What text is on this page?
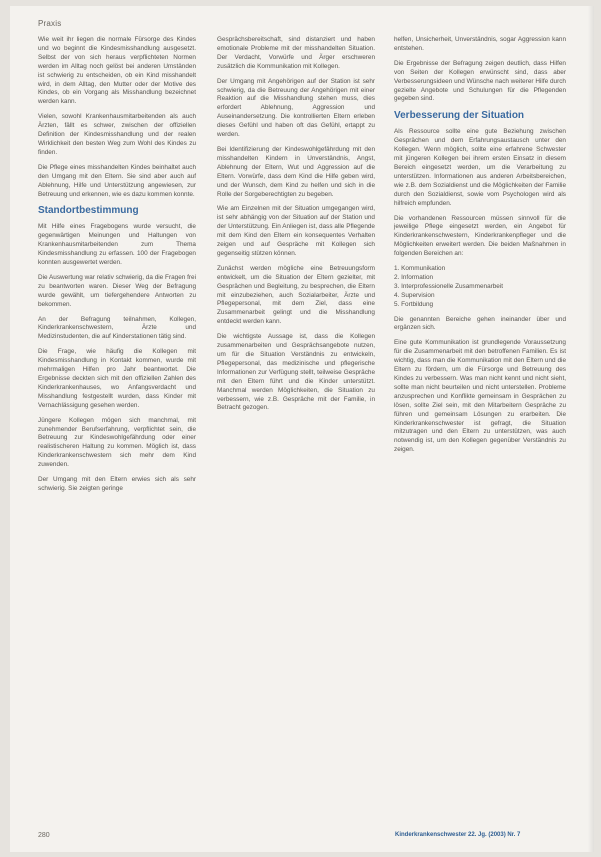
Praxis

Wie weit ihr liegen die normale Fürsorge des Kindes und wo beginnt die Kindesmisshandlung ausgesetzt. Selbst der von sich heraus verpflichteten Normen werden im Alltag noch gelöst bei anderen Umständen ist schwierig zu entscheiden, ob ein Kind misshandelt wird, in dem Alltag, den Mutter oder der Motive des Kindes, ob ein Vorgang als Misshandlung bezeichnet werden kann.

Vielen, sowohl Krankenhausmitarbeitenden als auch Ärzten, fällt es schwer, zwischen der offiziellen Definition der Kindesmisshandlung und der realen Wirklichkeit den besten Weg zum Wohl des Kindes zu finden.

Die Pflege eines misshandelten Kindes beinhaltet auch den Umgang mit den Eltern. Sie sind aber auch auf Ablehnung, Hilfe und Unterstützung angewiesen, zur Betreuung und erkennen, wie es dazu kommen konnte.

Standortbestimmung

Mit Hilfe eines Fragebogens wurde versucht, die gegenwärtigen Meinungen und Haltungen von Krankenhausmitarbeitenden zum Thema Kindesmisshandlung zu erfassen. 100 der Fragebogen konnten ausgewertet werden.

Die Auswertung war relativ schwierig, da die Fragen frei zu beantworten waren. Dieser Weg der Befragung wurde gewählt, um tiefergehendere Antworten zu bekommen.

An der Befragung teilnahmen, Kollegen, Kinderkrankenschwestern, Ärzte und Medizinstudenten, die auf Kinderstationen tätig sind.

Die Frage, wie häufig die Kollegen mit Kindesmisshandlung in Kontakt kommen, wurde mit mehrmaligen Hilfen pro Jahr beantwortet. Die Ergebnisse deckten sich mit den offiziellen Zahlen des Kinderkrankenhauses, wo Anfangsverdacht und Misshandlung festgestellt wurden, dass Kinder mit Vernachlässigung gesehen werden.

Jüngere Kollegen mögen sich manchmal, mit zunehmender Berufserfahrung, verpflichtet sein, die Betreuung zur Kindeswohlgefährdung oder einer realistischeren Haltung zu kommen. Möglich ist, dass Kinderkrankenschwestern sich mehr dem Kind zuwenden.

Der Umgang mit den Eltern erwies sich als sehr schwierig. Sie zeigten geringe

Gesprächsbereitschaft, sind distanziert und haben emotionale Probleme mit der misshandelten Situation. Der Verdacht, Vorwürfe und Ärger erschweren zusätzlich die Kommunikation mit Kollegen.

Der Umgang mit Angehörigen auf der Station ist sehr schwierig, da die Betreuung der Angehörigen mit einer Reaktion auf die Misshandlung stehen muss, dies erfordert Ablehnung, Aggression und Auseinandersetzung. Die kontrollierten Eltern erleben dieses Gefühl und haben oft das Gefühl, ertappt zu werden.

Bei Identifizierung der Kindeswohlgefährdung mit den misshandelten Kindern in Unverständnis, Angst, Ablehnung der Eltern, Wut und Aggression auf die Eltern. Vorwürfe, dass dem Kind die Hilfe geben wird, und der Wunsch, dem Kind zu helfen und sich in die Rolle der Sorgeberechtigten zu begeben.

Wie am Einzelnen mit der Situation umgegangen wird, ist sehr abhängig von der Situation auf der Station und der Unterstützung. Ein Anliegen ist, dass alle Pflegende mit dem Kind den Eltern ein konsequentes Verhalten zeigen und auf Gespräche mit Kollegen sich gegenseitig stützen können.

Zunächst werden mögliche eine Betreuungsform entwickelt, um die Situation der Eltern gezielter, mit Gesprächen und Begleitung, zu besprechen, die Eltern mit einzubeziehen, auch Sozialarbeiter, Ärzte und Pflegepersonal, mit dem Ziel, dass eine Zusammenarbeit gelingt und die Misshandlung entdeckt werden kann.

Die wichtigste Aussage ist, dass die Kollegen zusammenarbeiten und Gesprächsangebote nutzen, um für die Situation Verständnis zu entwickeln, Pflegepersonal, das medizinische und pflegerische Informationen zur Verfügung stellt, teilweise Gespräche mit den Eltern führt und die Kinder unterstützt. Manchmal werden Möglichkeiten, die Situation zu verbessern, wie z.B. Gespräche mit der Familie, in Betracht gezogen.

helfen, Unsicherheit, Unverständnis, sogar Aggression kann entstehen.

Die Ergebnisse der Befragung zeigen deutlich, dass Hilfen von Seiten der Kollegen erwünscht sind, dass aber Verbesserungsideen und Wünsche nach weiterer Hilfe durch gezielte Angebote und Schulungen für die Pflegenden gegeben sind.

Verbesserung der Situation

Als Ressource sollte eine gute Beziehung zwischen Gesprächen und dem Erfahrungsaustausch unter den Kollegen. Wenn möglich, sollte eine erfahrene Schwester mit jüngeren Kollegen bei ihrem ersten Einsatz in diesem Bereich eingesetzt werden, um die Verarbeitung zu unterstützen. Informationen aus anderen Arbeitsbereichen, wie z.B. dem Sozialdienst und die Möglichkeiten der Familie durch den Sozialdienst, sowie vom Psychologen wird als hilfreich empfunden.

Die vorhandenen Ressourcen müssen sinnvoll für die jeweilige Pflege eingesetzt werden, ein Angebot für Kinderkrankenschwestern, Kinderkrankenpfleger und die Möglichkeiten erweitert werden. Die beiden Maßnahmen in folgenden Bereichen an:

1. Kommunikation
2. Information
3. Interprofessionelle Zusammenarbeit
4. Supervision
5. Fortbildung

Die genannten Bereiche gehen ineinander über und ergänzen sich.

Eine gute Kommunikation ist grundlegende Voraussetzung für die Zusammenarbeit mit den betroffenen Familien. Es ist wichtig, dass man die Kommunikation mit den Eltern und die Eltern zu fördern, um die Fürsorge und Betreuung des Kindes zu verbessern. Was man nicht kennt und nicht sieht, sollte man nicht beurteilen und nicht unterstellen. Probleme anzusprechen und Konflikte gemeinsam in Gesprächen zu lösen, sollte Ziel sein, mit den Mitarbeitern Gespräche zu führen und gemeinsam Lösungen zu erarbeiten. Die Kinderkrankenschwester ist gefragt, die Situation mitzutragen und den Eltern zu unterstützen, was auch notwendig ist, um den Kollegen gegenüber Verständnis zu zeigen.

280	Kinderkrankenschwester 22. Jg. (2003) Nr. 7
